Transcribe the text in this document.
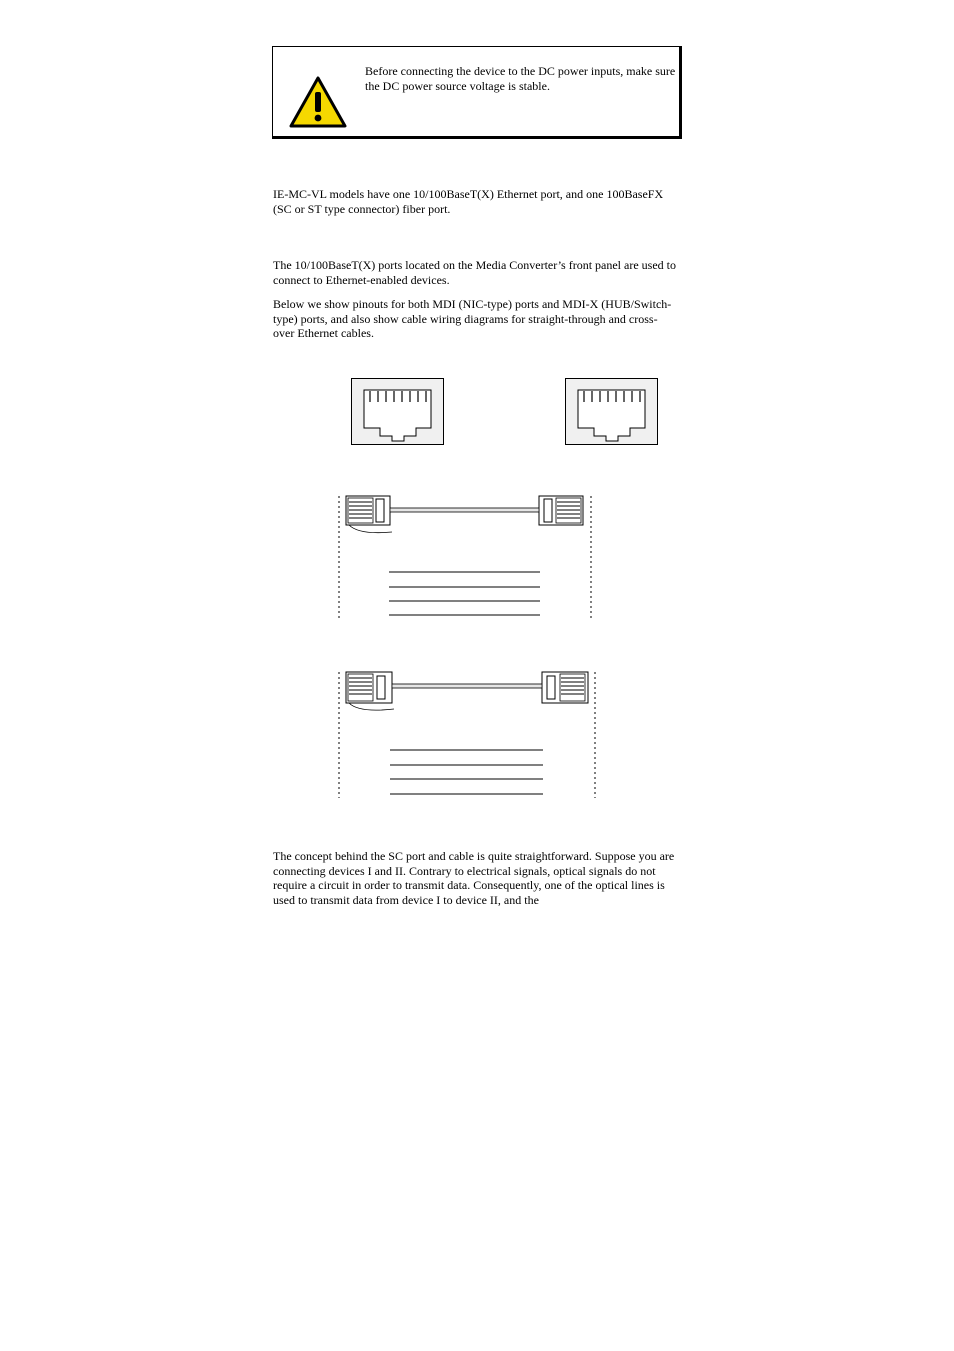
Before connecting the device to the DC power inputs, make sure the DC power source voltage is stable.

IE-MC-VL models have one 10/100BaseT(X) Ethernet port, and one 100BaseFX (SC or ST type connector) fiber port.

The 10/100BaseT(X) ports located on the Media Converter’s front panel are used to connect to Ethernet-enabled devices.

Below we show pinouts for both MDI (NIC-type) ports and MDI-X (HUB/Switch-type) ports, and also show cable wiring diagrams for straight-through and cross-over Ethernet cables.

The concept behind the SC port and cable is quite straightforward. Suppose you are connecting devices I and II. Contrary to electrical signals, optical signals do not require a circuit in order to transmit data. Consequently, one of the optical lines is used to transmit data from device I to device II, and the
